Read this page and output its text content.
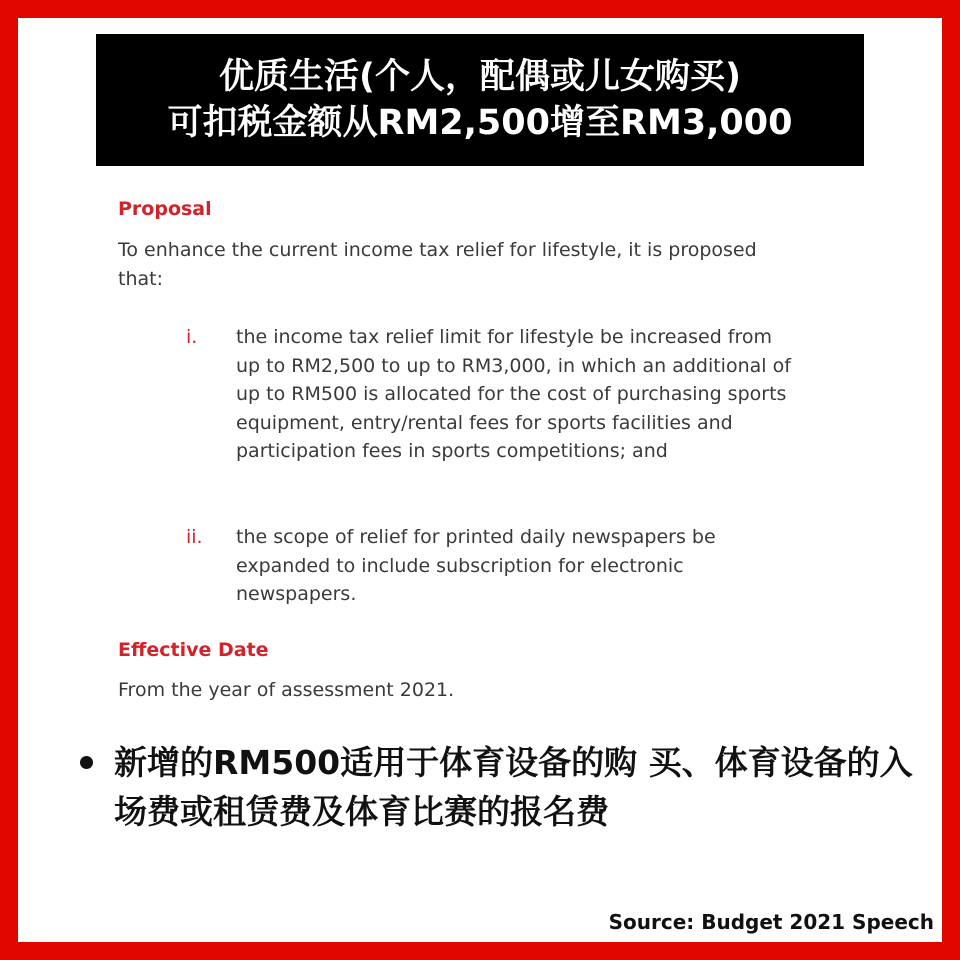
优质生活(个人，配偶或儿女购买)
可扣税金额从RM2,500增至RM3,000
Proposal
To enhance the current income tax relief for lifestyle, it is proposed that:
i. the income tax relief limit for lifestyle be increased from up to RM2,500 to up to RM3,000, in which an additional of up to RM500 is allocated for the cost of purchasing sports equipment, entry/rental fees for sports facilities and participation fees in sports competitions; and
ii. the scope of relief for printed daily newspapers be expanded to include subscription for electronic newspapers.
Effective Date
From the year of assessment 2021.
新增的RM500适用于体育设备的购 买、体育设备的入场费或租赁费及体育比赛的报名费
Source: Budget 2021 Speech
